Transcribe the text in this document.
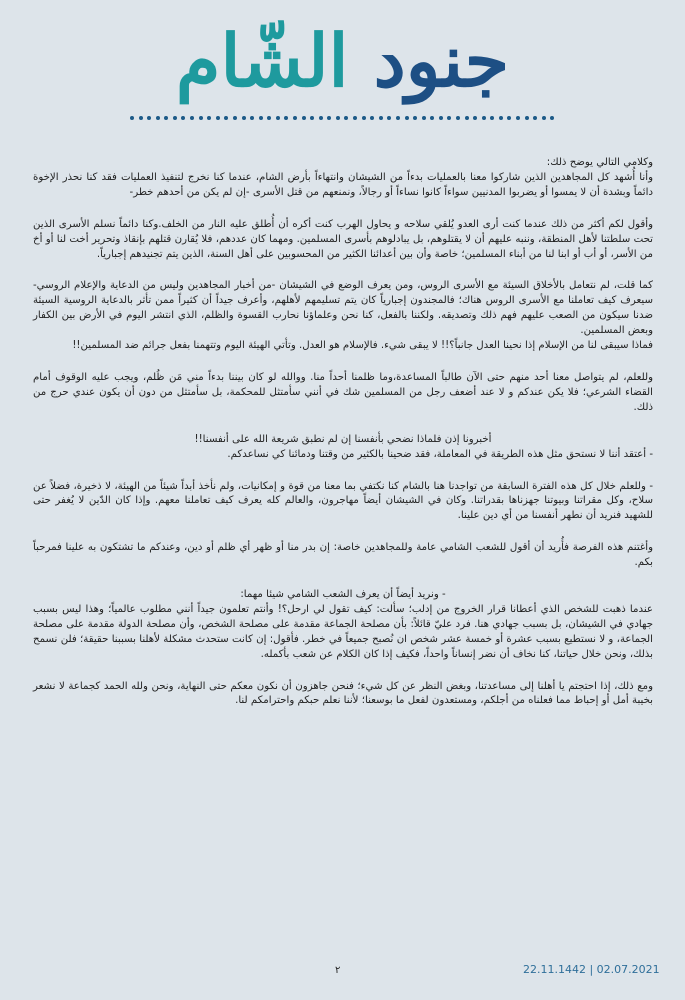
جنود الشّام

وكلامي التالي يوضح ذلك:
وأنا أُشهد كل المجاهدين الذين شاركوا معنا بالعمليات بدءاً من الشيشان وانتهاءاً بأرض الشام، عندما كنا نخرج لتنفيذ العمليات فقد كنا نحذر الإخوة دائماً وبشدة أن لا يمسوا أو يضربوا المدنيين سواءاً كانوا نساءاً أو رجالاً، ونمنعهم من قتل الأسرى -إن لم يكن من أحدهم خطر-

وأقول لكم أكثر من ذلك عندما كنت أرى العدو يُلقي سلاحه و يحاول الهرب كنت أكره أن أُطلق عليه النار من الخلف.وكنا دائماً نسلم الأسرى الذين تحت سلطتنا لأهل المنطقة، وننبه عليهم أن لا يقتلوهم، بل يبادلوهم بأسرى المسلمين. ومهما كان عددهم، فلا يُقارن قتلهم بإنقاذ وتحرير أخت لنا أو أخ من الأسر، أو أب أو ابنا لنا من أبناء المسلمين؛ خاصة وأن بين أعدائنا الكثير من المحسوبين على أهل السنة، الذين يتم تجنيدهم إجبارياً.

كما قلت، لم نتعامل بالأخلاق السيئة مع الأسرى الروس، ومن يعرف الوضع في الشيشان -من أخبار المجاهدين وليس من الدعاية والإعلام الروسي- سيعرف كيف تعاملنا مع الأسرى الروس هناك؛ فالمجندون إجبارياً كان يتم تسليمهم لأهلهم، وأعرف جيداً أن كثيراً ممن تأثر بالدعاية الروسية السيئة ضدنا سيكون من الصعب عليهم فهم ذلك وتصديقه. ولكننا بالفعل، كنا نحن وعلماؤنا نحارب القسوة والظلم، الذي انتشر اليوم في الأرض بين الكفار وبعض المسلمين.
فماذا سيبقى لنا من الإسلام إذا نحينا العدل جانباً؟!! لا يبقى شيء. فالإسلام هو العدل. وتأتي الهيئة اليوم وتتهمنا بفعل جرائم ضد المسلمين!!

وللعلم، لم يتواصل معنا أحد منهم حتى الآن طالباً المساعدة،وما ظلمنا أحداً منا. ووالله لو كان بيننا بدءاً مني مَن ظُلم، ويجب عليه الوقوف أمام القضاء الشرعي؛ فلا يكن عندكم و لا عند أضعف رجل من المسلمين شك في أنني سأمتثل للمحكمة، بل سأمتثل من دون أن يكون عندي حرج من ذلك.

أخبرونا إذن فلماذا نضحي بأنفسنا إن لم نطبق شريعة الله على أنفسنا!!
- أعتقد أننا لا نستحق مثل هذه الطريقة في المعاملة، فقد ضحينا بالكثير من وقتنا ودمائنا كي نساعدكم.

- وللعلم خلال كل هذه الفترة السابقة من تواجدنا هنا بالشام كنا نكتفي بما معنا من قوة و إمكانيات، ولم نأخذ أبداً شيئاً من الهيئة، لا ذخيرة، فضلاً عن سلاح، وكل مقراتنا وبيوتنا جهزناها بقدراتنا. وكان في الشيشان أيضاً مهاجرون، والعالم كله يعرف كيف تعاملنا معهم. وإذا كان الدّين لا يُغفر حتى للشهيد فنريد أن نطهر أنفسنا من أي دين علينا.

وأغتنم هذه الفرصة فأُريد أن أقول للشعب الشامي عامة وللمجاهدين خاصة: إن بدر منا أو ظهر أي ظلم أو دين، وعندكم ما تشتكون به علينا فمرحباً بكم.

- ونريد أيضاً أن يعرف الشعب الشامي شيئا مهما:
عندما ذهبت للشخص الذي أعطانا قرار الخروج من إدلب؛ سألت: كيف تقول لي ارحل؟! وأنتم تعلمون جيداً أنني مطلوب عالمياً؛ وهذا ليس بسبب جهادي في الشيشان، بل بسبب جهادي هنا. فرد عليّ قائلاً: بأن مصلحة الجماعة مقدمة على مصلحة الشخص، وأن مصلحة الدولة مقدمة على مصلحة الجماعة، و لا نستطيع بسبب عشرة أو خمسة عشر شخص ان نُصبح جميعاً في خطر. فأقول: إن كانت ستحدث مشكلة لأهلنا بسببنا حقيقة؛ فلن نسمح بذلك، ونحن خلال حياتنا، كنا نخاف أن نضر إنساناً واحداً، فكيف إذا كان الكلام عن شعب بأكمله.

ومع ذلك، إذا احتجتم يا أهلنا إلى مساعدتنا، وبغض النظر عن كل شيء؛ فنحن جاهزون أن نكون معكم حتى النهاية، ونحن ولله الحمد كجماعة لا نشعر بخيبة أمل أو إحباط مما فعلناه من أجلكم، ومستعدون لفعل ما بوسعنا؛ لأننا نعلم حبكم واحترامكم لنا.

٢	22.11.1442 | 02.07.2021
